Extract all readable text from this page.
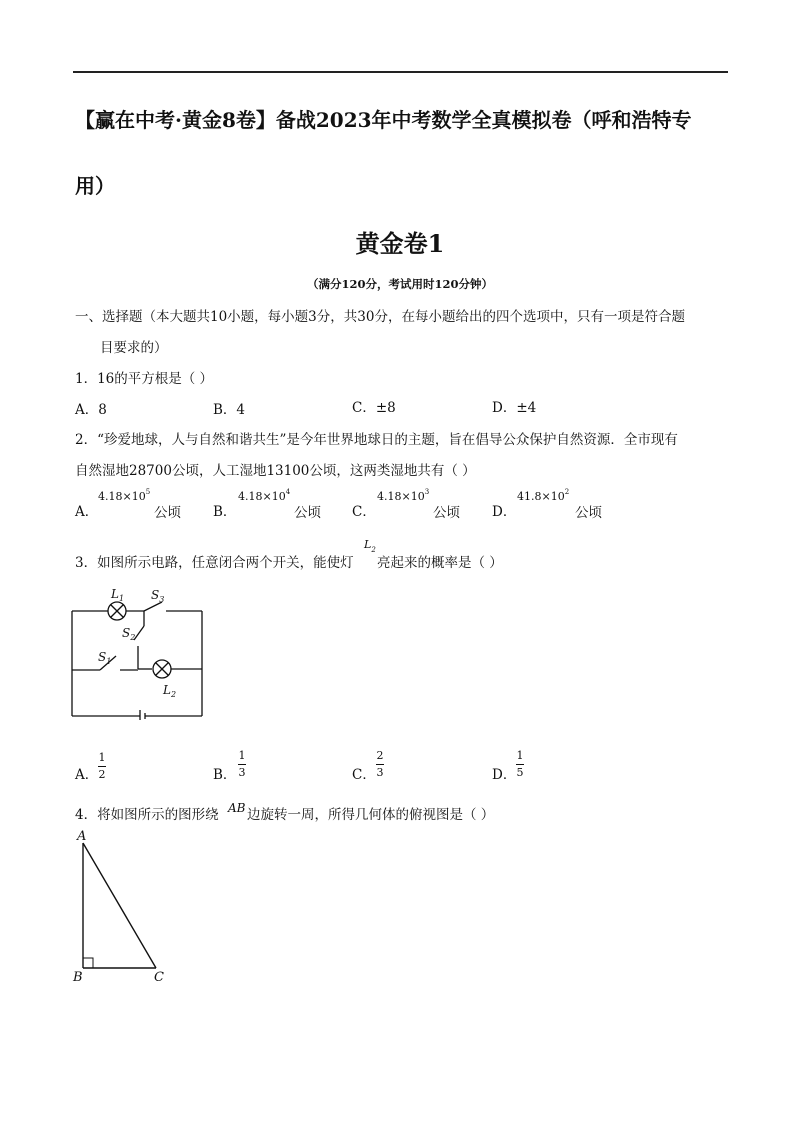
【赢在中考·黄金8卷】备战2023年中考数学全真模拟卷（呼和浩特专
用）
黄金卷1
（满分120分，考试用时120分钟）
一、选择题（本大题共10小题，每小题3分，共30分，在每小题给出的四个选项中，只有一项是符合题
目要求的）
1．16的平方根是（ ）
A．8	B．4	C．±8	D．±4
2．“珍爱地球，人与自然和谐共生”是今年世界地球日的主题，旨在倡导公众保护自然资源．全市现有
自然湿地28700公顷，人工湿地13100公顷，这两类湿地共有（ ）
A．
$4.18\times 10^5$
公顷 B．
$4.18\times 10^4$
公顷 C．
$4.18\times 10^3$
公顷 D．
$41.8\times 10^2$
公顷
3．如图所示电路，任意闭合两个开关，能使灯
$L_2$
亮起来的概率是（ ）
$L_1$ $S_3$
$S_2$
$S_1$
$L_2$
A．
1
2	B．
1
3	C．
2
3	D．
1
5
4．将如图所示的图形绕 AB 边旋转一周，所得几何体的俯视图是（ ）
A
B	C
